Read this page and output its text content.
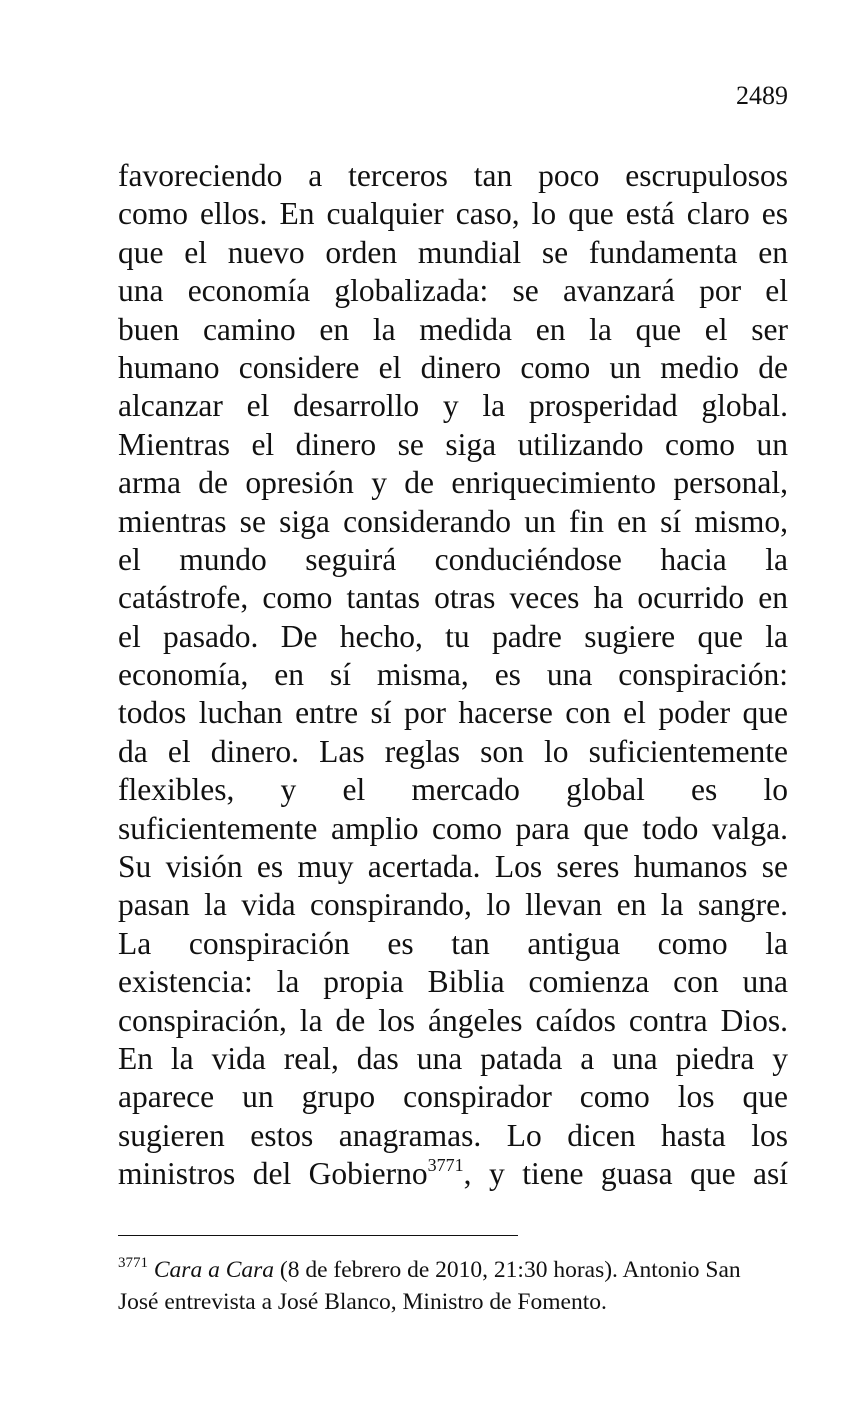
2489
favoreciendo a terceros tan poco escrupulosos
como ellos. En cualquier caso, lo que está claro es
que el nuevo orden mundial se fundamenta en
una economía globalizada: se avanzará por el
buen camino en la medida en la que el ser
humano considere el dinero como un medio de
alcanzar el desarrollo y la prosperidad global.
Mientras el dinero se siga utilizando como un
arma de opresión y de enriquecimiento personal,
mientras se siga considerando un fin en sí mismo,
el mundo seguirá conduciéndose hacia la
catástrofe, como tantas otras veces ha ocurrido en
el pasado. De hecho, tu padre sugiere que la
economía, en sí misma, es una conspiración:
todos luchan entre sí por hacerse con el poder que
da el dinero. Las reglas son lo suficientemente
flexibles, y el mercado global es lo
suficientemente amplio como para que todo valga.
Su visión es muy acertada. Los seres humanos se
pasan la vida conspirando, lo llevan en la sangre.
La conspiración es tan antigua como la
existencia: la propia Biblia comienza con una
conspiración, la de los ángeles caídos contra Dios.
En la vida real, das una patada a una piedra y
aparece un grupo conspirador como los que
sugieren estos anagramas. Lo dicen hasta los
ministros del Gobierno$^{3771}$, y tiene guasa que así
$^{3771}$ Cara a Cara (8 de febrero de 2010, 21:30 horas). Antonio San
José entrevista a José Blanco, Ministro de Fomento.
